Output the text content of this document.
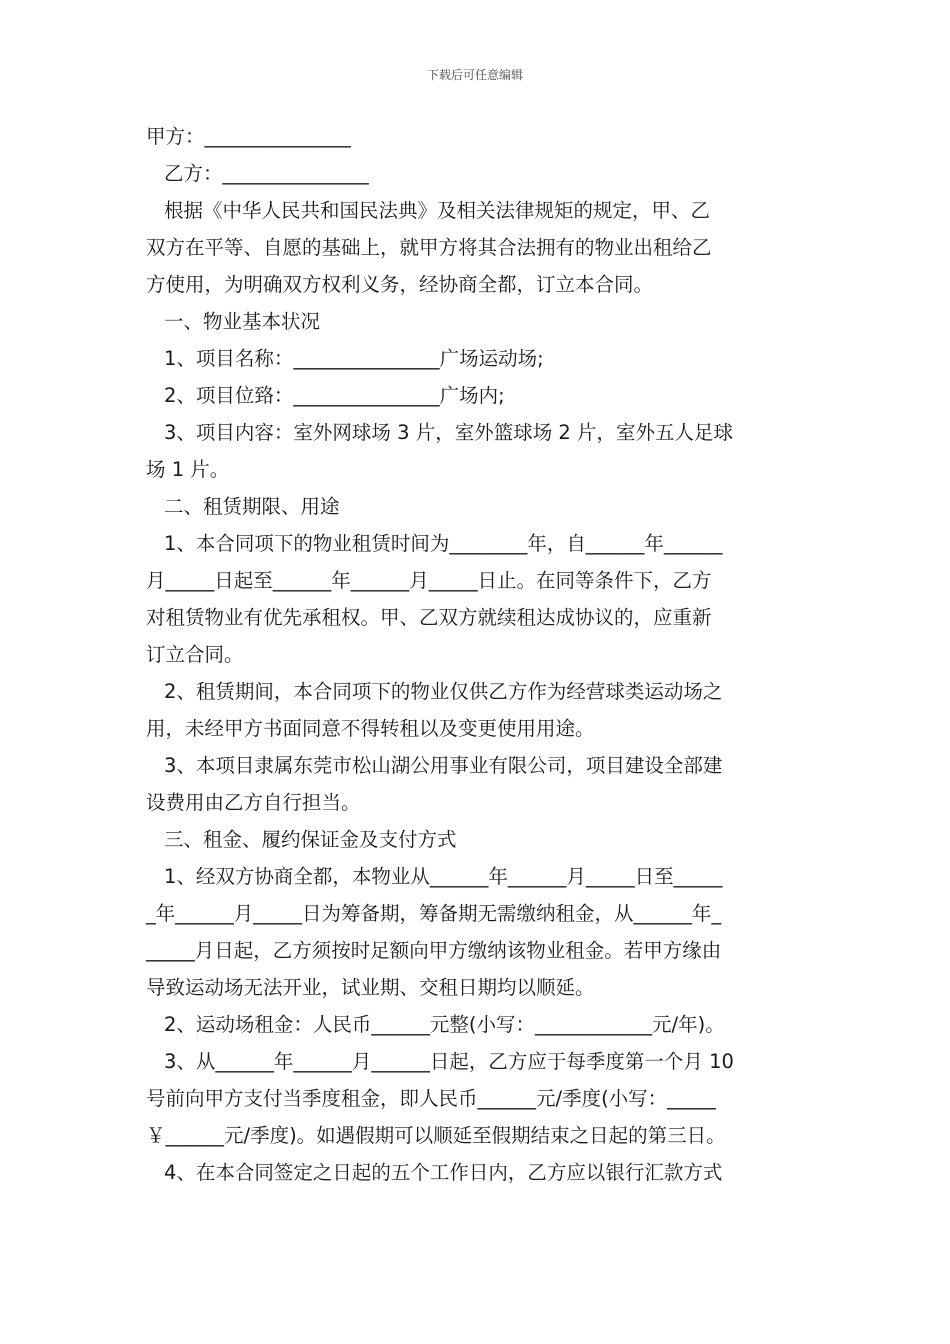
下载后可任意编辑
甲方：_______________
乙方：_______________
根据《中华人民共和国民法典》及相关法律规矩的规定，甲、乙
双方在平等、自愿的基础上，就甲方将其合法拥有的物业出租给乙
方使用，为明确双方权利义务，经协商全都，订立本合同。
一、物业基本状况
1、项目名称：_______________广场运动场;
2、项目位臵：_______________广场内;
3、项目内容：室外网球场 3 片，室外篮球场 2 片，室外五人足球
场 1 片。
二、租赁期限、用途
1、本合同项下的物业租赁时间为________年，自______年______
月_____日起至______年______月_____日止。在同等条件下，乙方
对租赁物业有优先承租权。甲、乙双方就续租达成协议的，应重新
订立合同。
2、租赁期间，本合同项下的物业仅供乙方作为经营球类运动场之
用，未经甲方书面同意不得转租以及变更使用用途。
3、本项目隶属东莞市松山湖公用事业有限公司，项目建设全部建
设费用由乙方自行担当。
三、租金、履约保证金及支付方式
1、经双方协商全都，本物业从______年______月_____日至_____
_年______月_____日为筹备期，筹备期无需缴纳租金，从______年_
_____月日起，乙方须按时足额向甲方缴纳该物业租金。若甲方缘由
导致运动场无法开业，试业期、交租日期均以顺延。
2、运动场租金：人民币______元整(小写：____________元/年)。
3、从______年______月______日起，乙方应于每季度第一个月 10
号前向甲方支付当季度租金，即人民币______元/季度(小写：_____
￥______元/季度)。如遇假期可以顺延至假期结束之日起的第三日。
4、在本合同签定之日起的五个工作日内，乙方应以银行汇款方式
